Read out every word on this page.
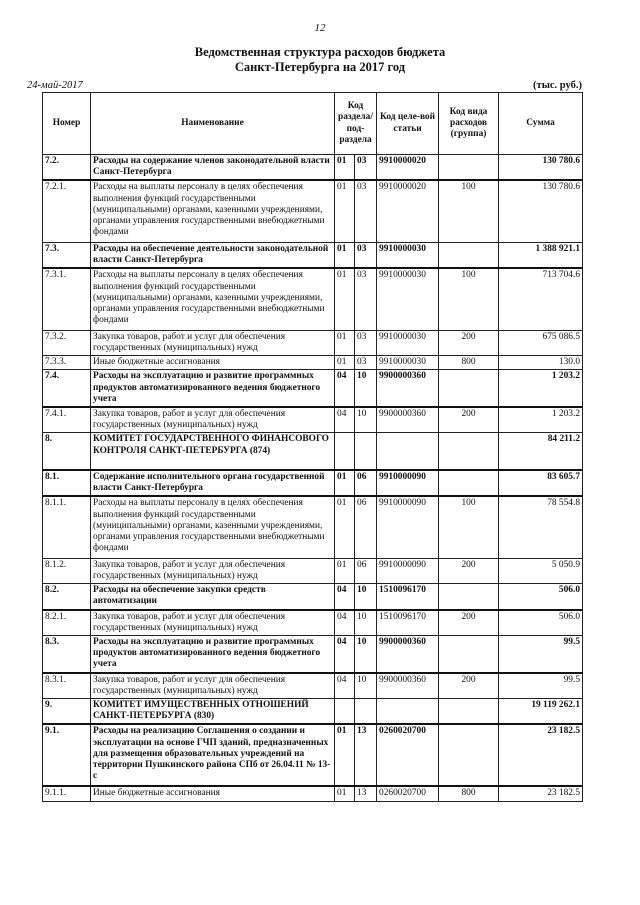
12
Ведомственная структура расходов бюджета
Санкт-Петербурга на 2017 год
24-май-2017	(тыс. руб.)
Номер	Наименование	Код раздела/ под-раздела		Код целе-вой статьи	Код вида расходов (группа)	Сумма
7.2.	Расходы на содержание членов законодательной власти Санкт-Петербурга	01	03	9910000020		130 780.6
7.2.1.	Расходы на выплаты персоналу в целях обеспечения выполнения функций государственными (муниципальными) органами, казенными учреждениями, органами управления государственными внебюджетными фондами	01	03	9910000020	100	130 780.6
7.3.	Расходы на обеспечение деятельности законодательной власти Санкт-Петербурга	01	03	9910000030		1 388 921.1
7.3.1.	Расходы на выплаты персоналу в целях обеспечения выполнения функций государственными (муниципальными) органами, казенными учреждениями, органами управления государственными внебюджетными фондами	01	03	9910000030	100	713 704.6
7.3.2.	Закупка товаров, работ и услуг для обеспечения государственных (муниципальных) нужд	01	03	9910000030	200	675 086.5
7.3.3.	Иные бюджетные ассигнования	01	03	9910000030	800	130.0
7.4.	Расходы на эксплуатацию и развитие программных продуктов автоматизированного ведения бюджетного учета	04	10	9900000360		1 203.2
7.4.1.	Закупка товаров, работ и услуг для обеспечения государственных (муниципальных) нужд	04	10	9900000360	200	1 203.2
8.	КОМИТЕТ ГОСУДАРСТВЕННОГО ФИНАНСОВОГО КОНТРОЛЯ САНКТ-ПЕТЕРБУРГА (874)					84 211.2
8.1.	Содержание исполнительного органа государственной власти Санкт-Петербурга	01	06	9910000090		83 605.7
8.1.1.	Расходы на выплаты персоналу в целях обеспечения выполнения функций государственными (муниципальными) органами, казенными учреждениями, органами управления государственными внебюджетными фондами	01	06	9910000090	100	78 554.8
8.1.2.	Закупка товаров, работ и услуг для обеспечения государственных (муниципальных) нужд	01	06	9910000090	200	5 050.9
8.2.	Расходы на обеспечение закупки средств автоматизации	04	10	1510096170		506.0
8.2.1.	Закупка товаров, работ и услуг для обеспечения государственных (муниципальных) нужд	04	10	1510096170	200	506.0
8.3.	Расходы на эксплуатацию и развитие программных продуктов автоматизированного ведения бюджетного учета	04	10	9900000360		99.5
8.3.1.	Закупка товаров, работ и услуг для обеспечения государственных (муниципальных) нужд	04	10	9900000360	200	99.5
9.	КОМИТЕТ ИМУЩЕСТВЕННЫХ ОТНОШЕНИЙ САНКТ-ПЕТЕРБУРГА (830)					19 119 262.1
9.1.	Расходы на реализацию Соглашения о создании и эксплуатации на основе ГЧП зданий, предназначенных для размещения образовательных учреждений на территории Пушкинского района СПб от 26.04.11 № 13-с	01	13	0260020700		23 182.5
9.1.1.	Иные бюджетные ассигнования	01	13	0260020700	800	23 182.5
